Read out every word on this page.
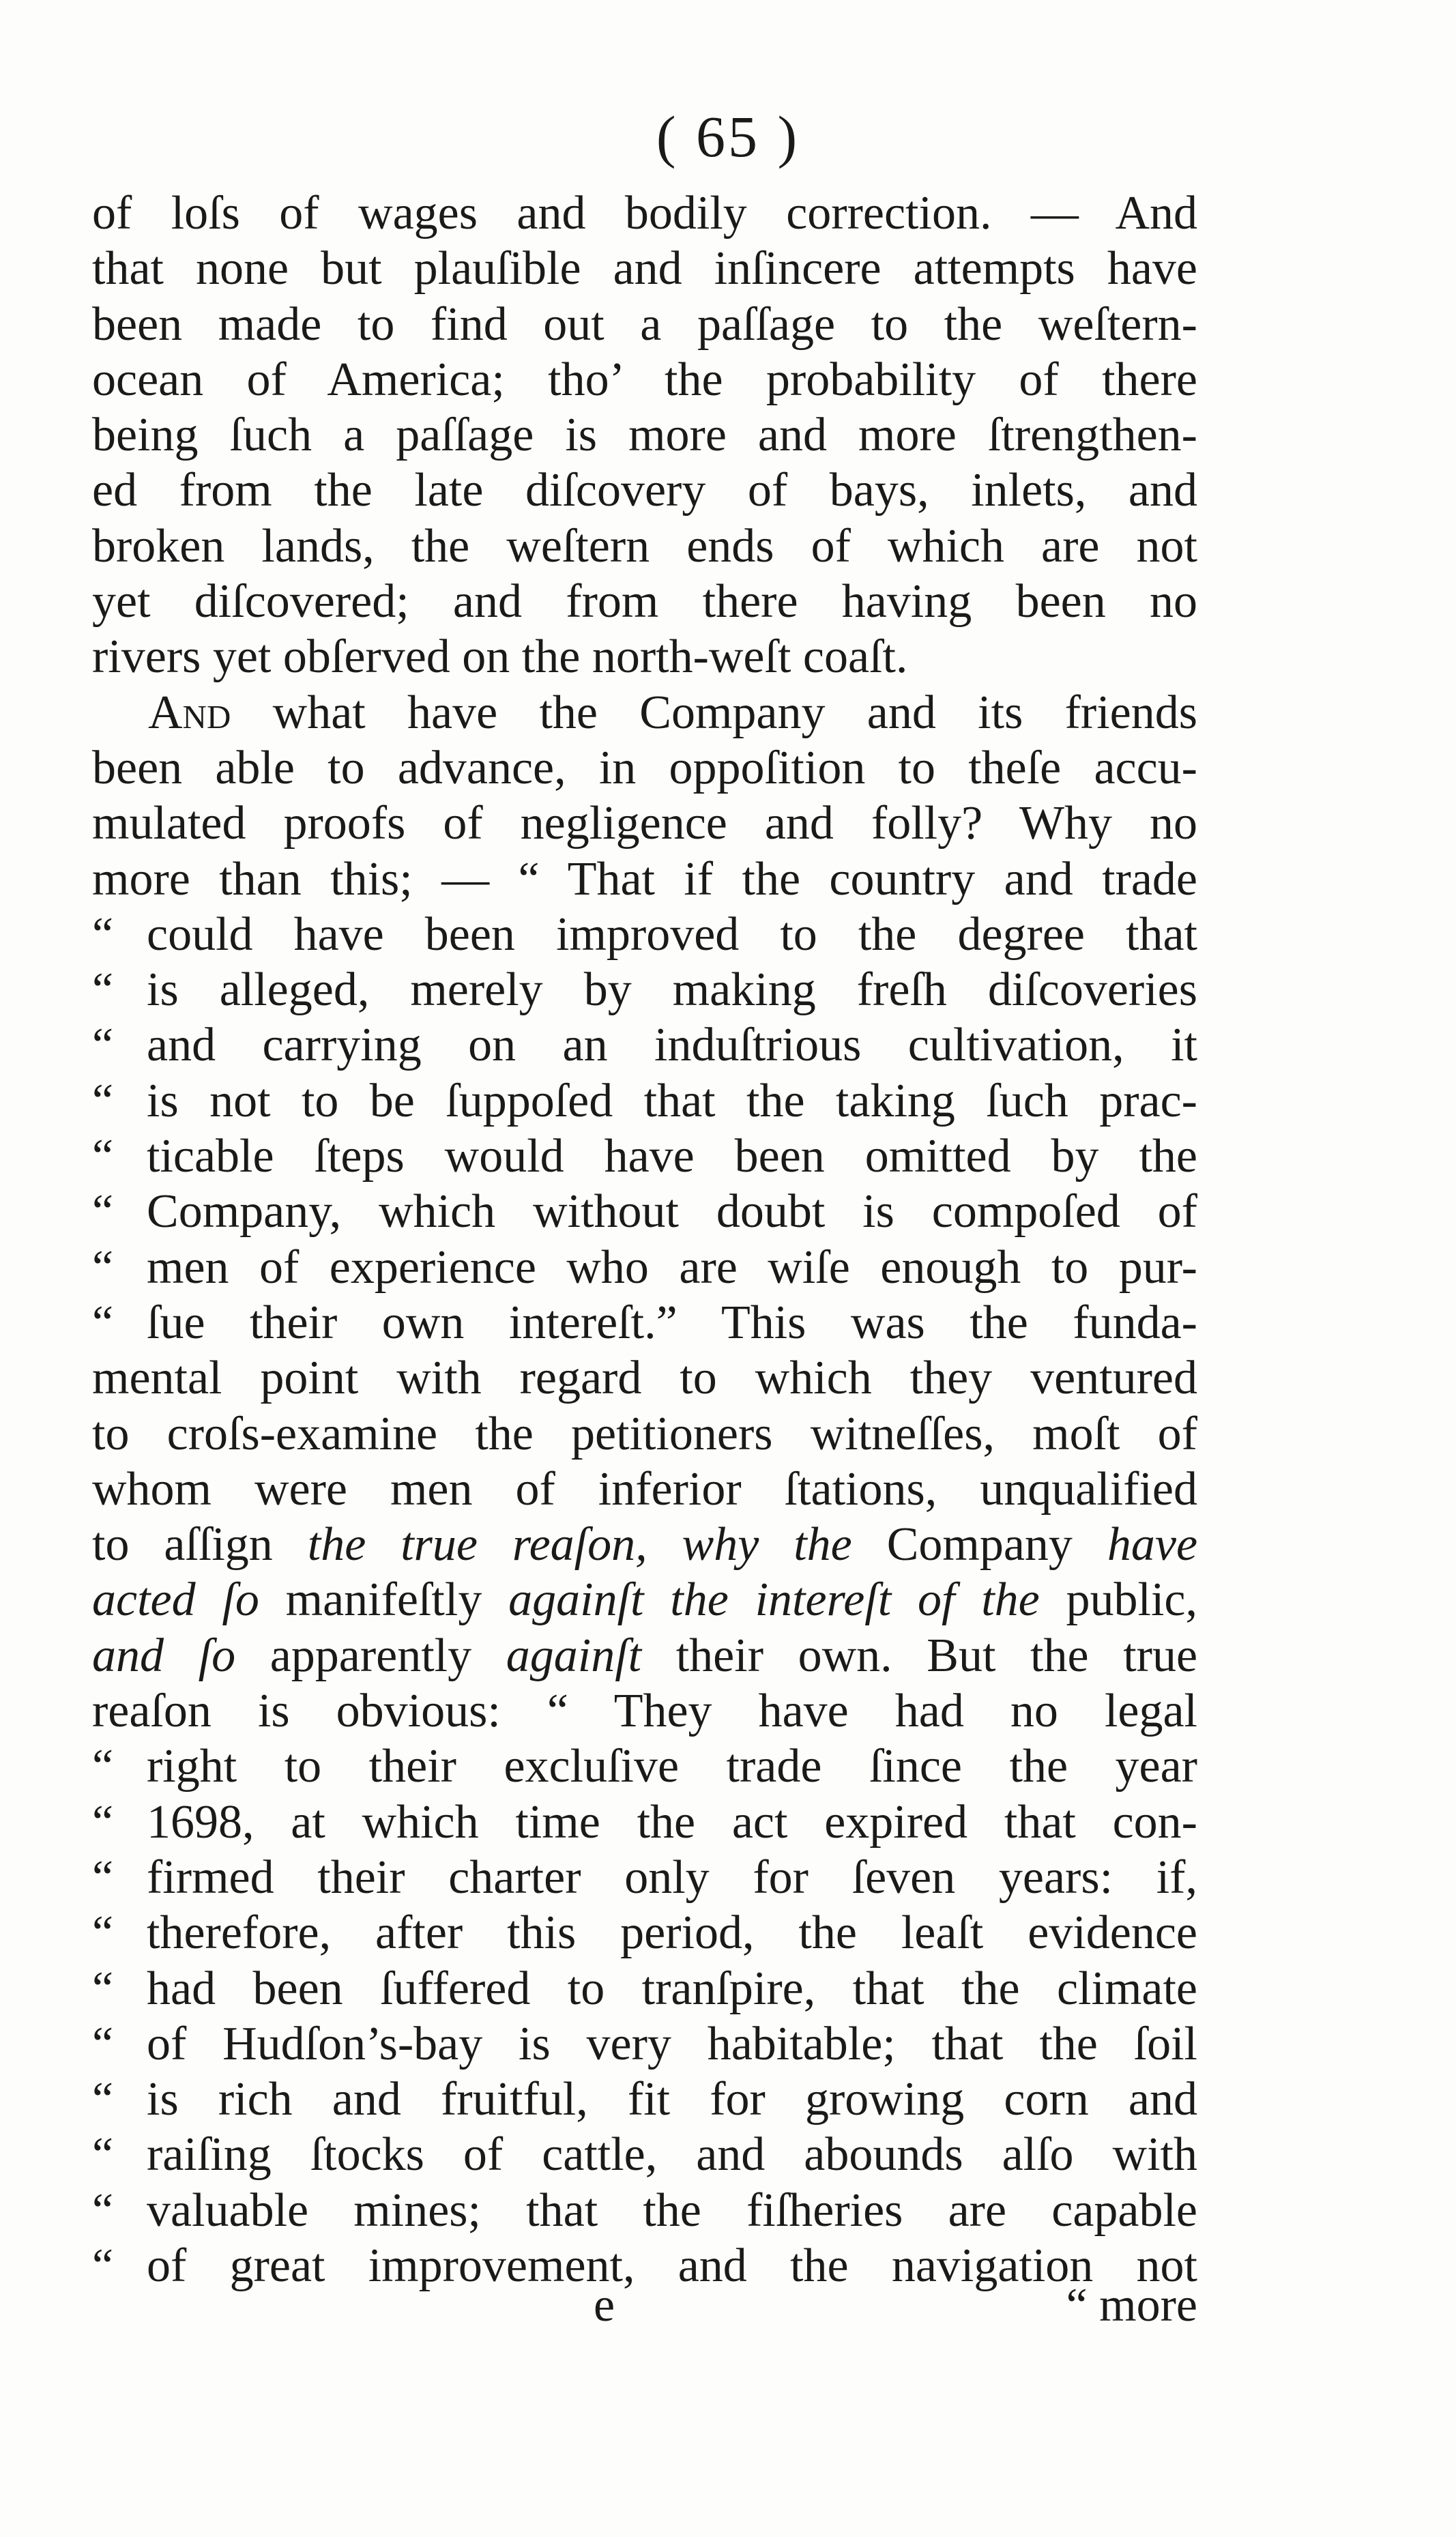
( 65 )
of loſs of wages and bodily correction. — And
that none but plauſible and inſincere attempts have
been made to find out a paſſage to the weſtern-
ocean of America; tho’ the probability of there
being ſuch a paſſage is more and more ſtrengthen-
ed from the late diſcovery of bays, inlets, and
broken lands, the weſtern ends of which are not
yet diſcovered; and from there having been no
rivers yet obſerved on the north-weſt coaſt.
And what have the Company and its friends
been able to advance, in oppoſition to theſe accu-
mulated proofs of negligence and folly? Why no
more than this; — “ That if the country and trade
“ could have been improved to the degree that
“ is alleged, merely by making freſh diſcoveries
“ and carrying on an induſtrious cultivation, it
“ is not to be ſuppoſed that the taking ſuch prac-
“ ticable ſteps would have been omitted by the
“ Company, which without doubt is compoſed of
“ men of experience who are wiſe enough to pur-
“ ſue their own intereſt.” This was the funda-
mental point with regard to which they ventured
to croſs-examine the petitioners witneſſes, moſt of
whom were men of inferior ſtations, unqualified
to aſſign the true reaſon, why the Company have
acted ſo manifeſtly againſt the intereſt of the public,
and ſo apparently againſt their own. But the true
reaſon is obvious: “ They have had no legal
“ right to their excluſive trade ſince the year
“ 1698, at which time the act expired that con-
“ firmed their charter only for ſeven years: if,
“ therefore, after this period, the leaſt evidence
“ had been ſuffered to tranſpire, that the climate
“ of Hudſon’s-bay is very habitable; that the ſoil
“ is rich and fruitful, fit for growing corn and
“ raiſing ſtocks of cattle, and abounds alſo with
“ valuable mines; that the fiſheries are capable
“ of great improvement, and the navigation not
e	“ more
